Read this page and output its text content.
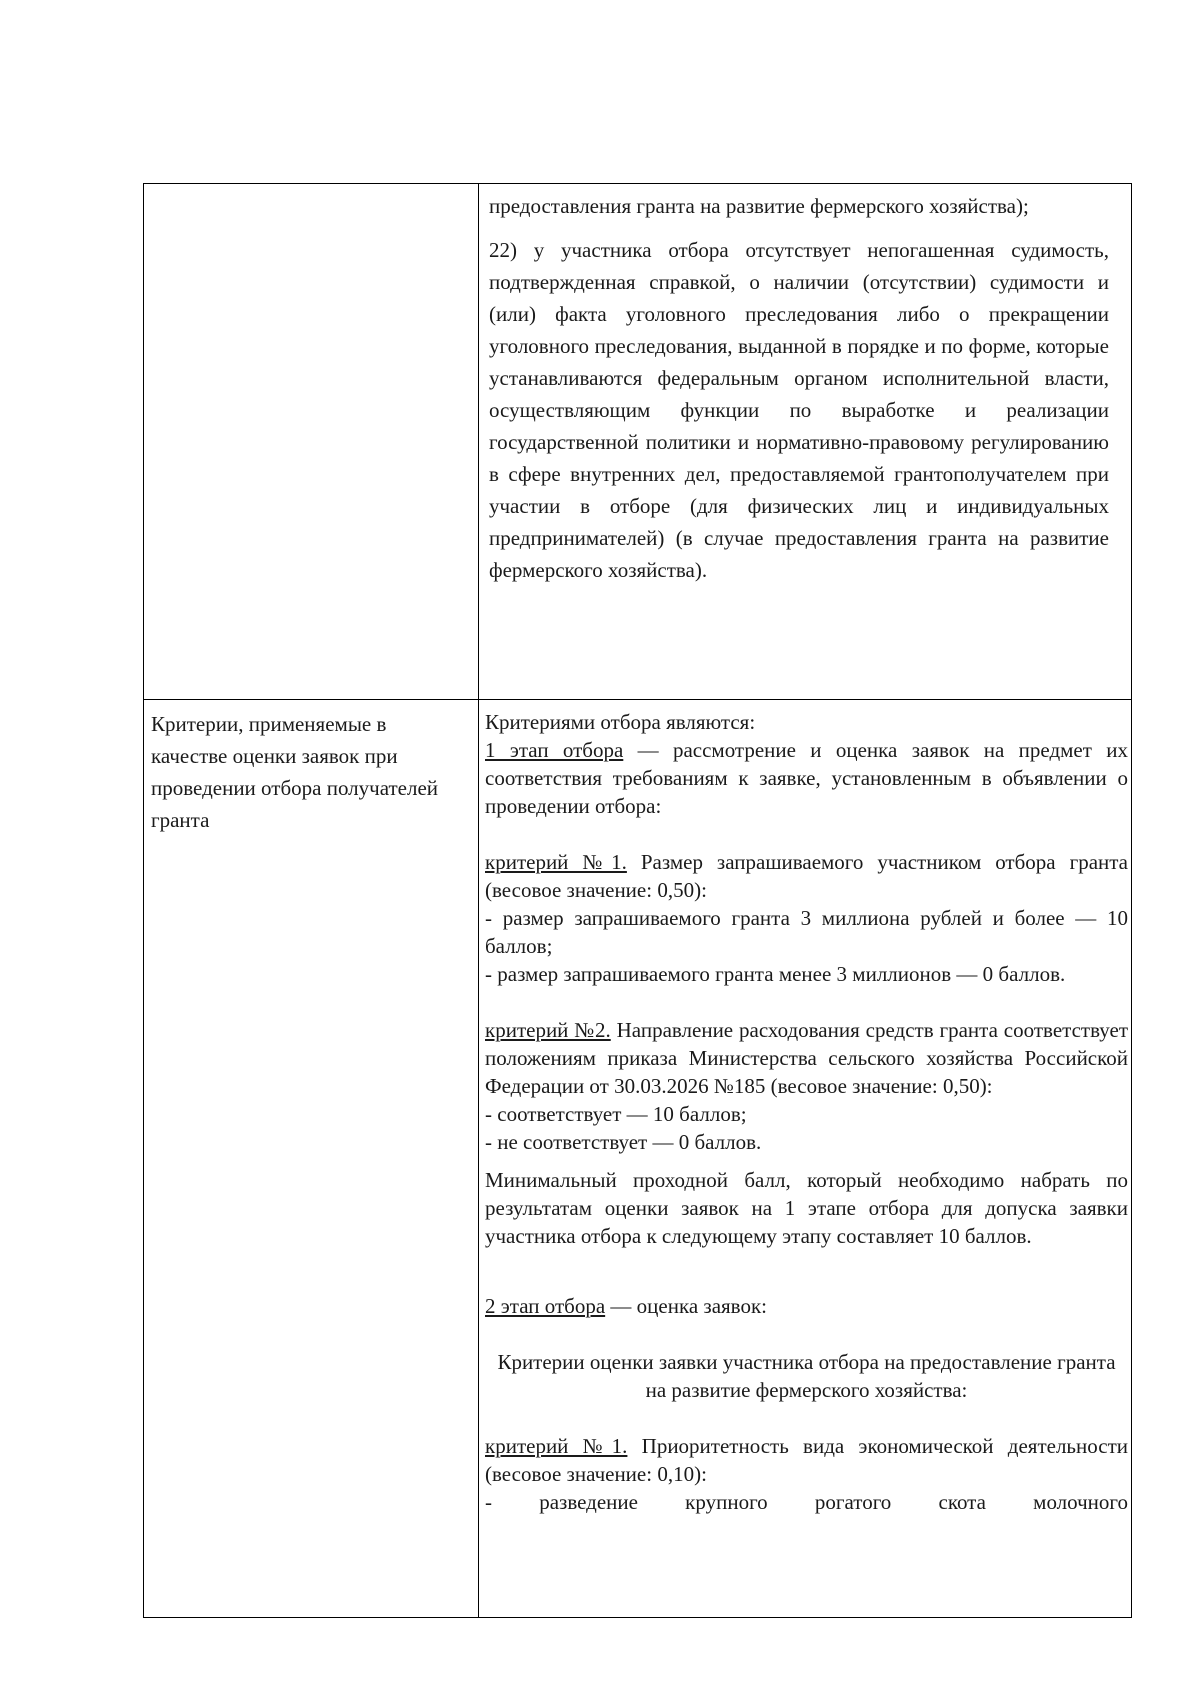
предоставления гранта на развитие фермерского хозяйства);

22) у участника отбора отсутствует непогашенная судимость, подтвержденная справкой, о наличии (отсутствии) судимости и (или) факта уголовного преследования либо о прекращении уголовного преследования, выданной в порядке и по форме, которые устанавливаются федеральным органом исполнительной власти, осуществляющим функции по выработке и реализации государственной политики и нормативно-правовому регулированию в сфере внутренних дел, предоставляемой грантополучателем при участии в отборе (для физических лиц и индивидуальных предпринимателей) (в случае предоставления гранта на развитие фермерского хозяйства).

Критерии, применяемые в качестве оценки заявок при проведении отбора получателей гранта

Критериями отбора являются:

1 этап отбора — рассмотрение и оценка заявок на предмет их соответствия требованиям к заявке, установленным в объявлении о проведении отбора:

критерий №1. Размер запрашиваемого участником отбора гранта (весовое значение: 0,50):

- размер запрашиваемого гранта 3 миллиона рублей и более — 10 баллов;

- размер запрашиваемого гранта менее 3 миллионов — 0 баллов.

критерий №2. Направление расходования средств гранта соответствует положениям приказа Министерства сельского хозяйства Российской Федерации от 30.03.2026 №185 (весовое значение: 0,50):

- соответствует — 10 баллов;

- не соответствует — 0 баллов.

Минимальный проходной балл, который необходимо набрать по результатам оценки заявок на 1 этапе отбора для допуска заявки участника отбора к следующему этапу составляет 10 баллов.

2 этап отбора — оценка заявок:

Критерии оценки заявки участника отбора на предоставление гранта на развитие фермерского хозяйства:

критерий №1. Приоритетность вида экономической деятельности (весовое значение: 0,10):

- разведение крупного рогатого скота молочного
